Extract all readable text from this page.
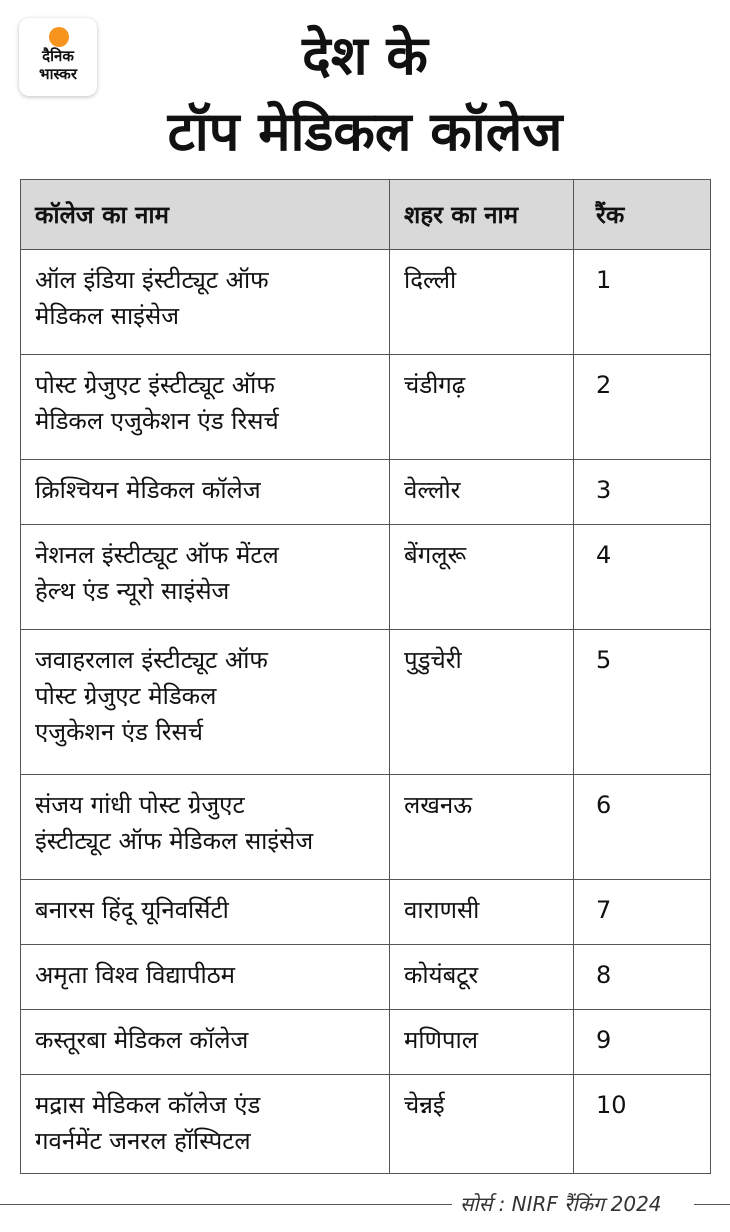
दैनिक
भास्कर	देश के
टॉप मेडिकल कॉलेज
कॉलेज का नाम	शहर का नाम	रैंक

ऑल इंडिया इंस्टीट्यूट ऑफ
मेडिकल साइंसेज	दिल्ली	1

पोस्ट ग्रेजुएट इंस्टीट्यूट ऑफ
मेडिकल एजुकेशन एंड रिसर्च	चंडीगढ़	2

क्रिश्चियन मेडिकल कॉलेज	वेल्लोर	3

नेशनल इंस्टीट्यूट ऑफ मेंटल
हेल्थ एंड न्यूरो साइंसेज	बेंगलूरू	4

जवाहरलाल इंस्टीट्यूट ऑफ
पोस्ट ग्रेजुएट मेडिकल
एजुकेशन एंड रिसर्च	पुडुचेरी	5

संजय गांधी पोस्ट ग्रेजुएट
इंस्टीट्यूट ऑफ मेडिकल साइंसेज	लखनऊ	6

बनारस हिंदू यूनिवर्सिटी	वाराणसी	7

अमृता विश्व विद्यापीठम	कोयंबटूर	8

कस्तूरबा मेडिकल कॉलेज	मणिपाल	9

मद्रास मेडिकल कॉलेज एंड
गवर्नमेंट जनरल हॉस्पिटल	चेन्नई	10
सोर्स : NIRF रैंकिंग 2024
